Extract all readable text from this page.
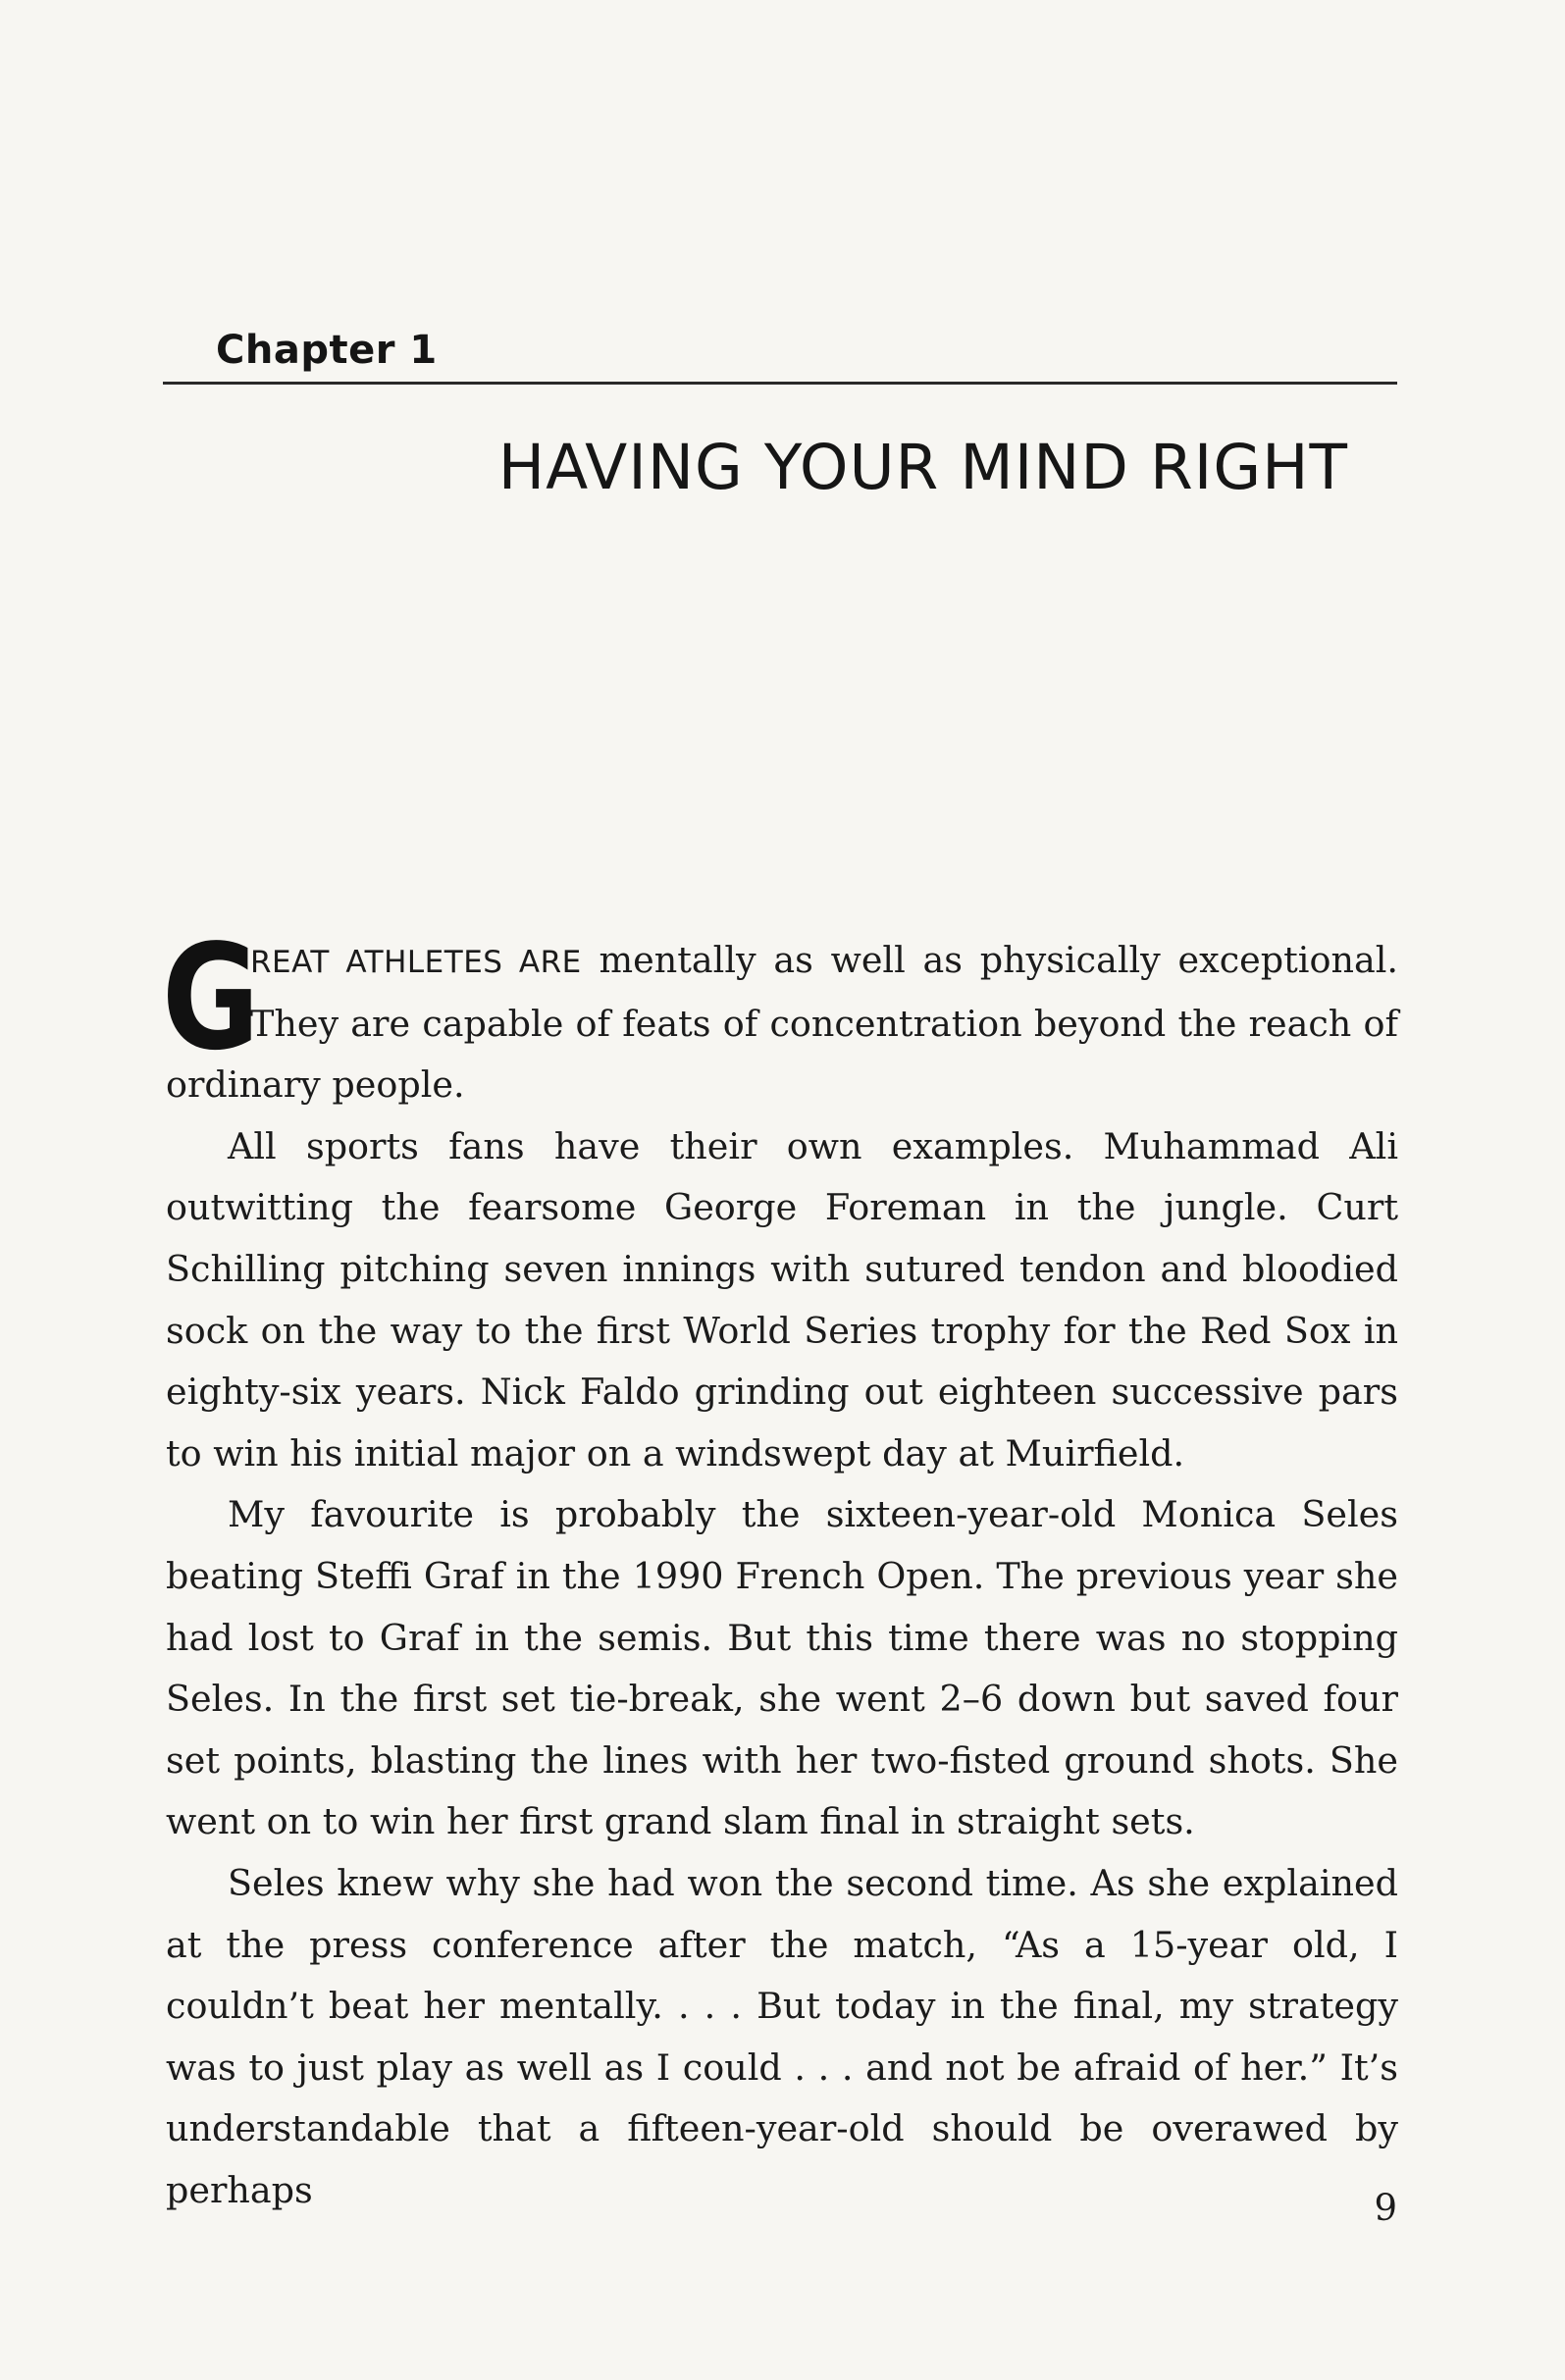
Chapter 1
HAVING YOUR MIND RIGHT

G
REAT ATHLETES ARE mentally as well as physically exceptional. They are capable of feats of concentration beyond the reach of ordinary people.

All sports fans have their own examples. Muhammad Ali outwitting the fearsome George Foreman in the jungle. Curt Schilling pitching seven innings with sutured tendon and bloodied sock on the way to the first World Series trophy for the Red Sox in eighty-six years. Nick Faldo grinding out eighteen successive pars to win his initial major on a windswept day at Muirfield.

My favourite is probably the sixteen-year-old Monica Seles beating Steffi Graf in the 1990 French Open. The previous year she had lost to Graf in the semis. But this time there was no stopping Seles. In the first set tie-break, she went 2–6 down but saved four set points, blasting the lines with her two-fisted ground shots. She went on to win her first grand slam final in straight sets.

Seles knew why she had won the second time. As she explained at the press conference after the match, “As a 15-year old, I couldn’t beat her mentally. . . . But today in the final, my strategy was to just play as well as I could . . . and not be afraid of her.” It’s understandable that a fifteen-year-old should be overawed by perhaps	9
